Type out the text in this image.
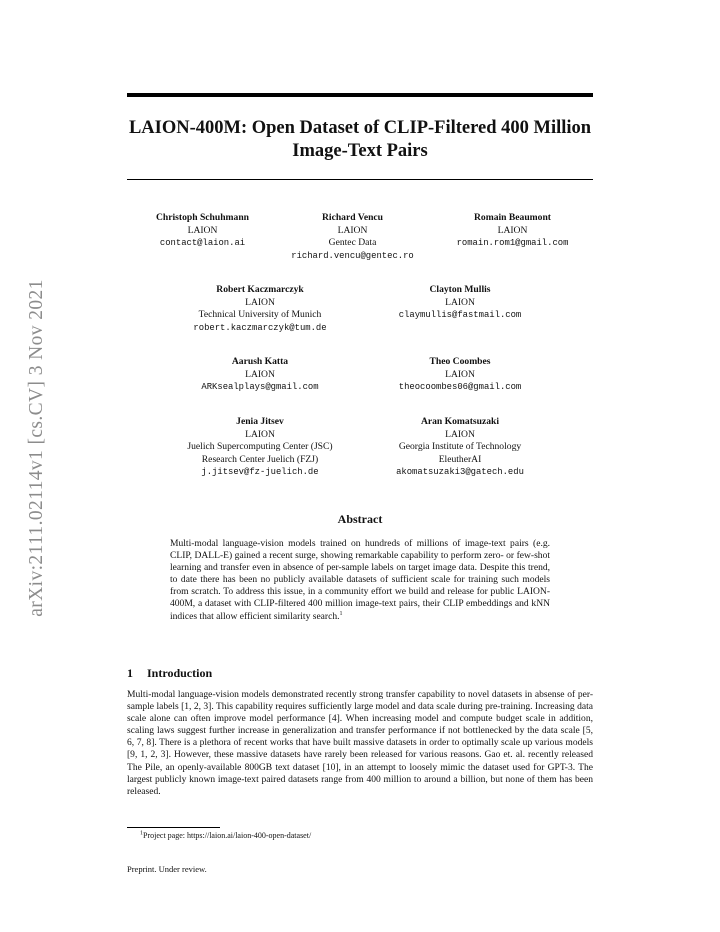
arXiv:2111.02114v1 [cs.CV] 3 Nov 2021
LAION-400M: Open Dataset of CLIP-Filtered 400 Million Image-Text Pairs
Christoph Schuhmann
LAION
contact@laion.ai
Richard Vencu
LAION
Gentec Data
richard.vencu@gentec.ro
Romain Beaumont
LAION
romain.rom1@gmail.com
Robert Kaczmarczyk
LAION
Technical University of Munich
robert.kaczmarczyk@tum.de
Clayton Mullis
LAION
claymullis@fastmail.com
Aarush Katta
LAION
ARKsealplays@gmail.com
Theo Coombes
LAION
theocoombes06@gmail.com
Jenia Jitsev
LAION
Juelich Supercomputing Center (JSC)
Research Center Juelich (FZJ)
j.jitsev@fz-juelich.de
Aran Komatsuzaki
LAION
Georgia Institute of Technology
EleutherAI
akomatsuzaki3@gatech.edu
Abstract

Multi-modal language-vision models trained on hundreds of millions of image-text pairs (e.g. CLIP, DALL-E) gained a recent surge, showing remarkable capability to perform zero- or few-shot learning and transfer even in absence of per-sample labels on target image data. Despite this trend, to date there has been no publicly available datasets of sufficient scale for training such models from scratch. To address this issue, in a community effort we build and release for public LAION-400M, a dataset with CLIP-filtered 400 million image-text pairs, their CLIP embeddings and kNN indices that allow efficient similarity search.$^1$

1 Introduction

Multi-modal language-vision models demonstrated recently strong transfer capability to novel datasets in absense of per-sample labels [1, 2, 3]. This capability requires sufficiently large model and data scale during pre-training. Increasing data scale alone can often improve model performance [4]. When increasing model and compute budget scale in addition, scaling laws suggest further increase in generalization and transfer performance if not bottlenecked by the data scale [5, 6, 7, 8]. There is a plethora of recent works that have built massive datasets in order to optimally scale up various models [9, 1, 2, 3]. However, these massive datasets have rarely been released for various reasons. Gao et. al. recently released The Pile, an openly-available 800GB text dataset [10], in an attempt to loosely mimic the dataset used for GPT-3. The largest publicly known image-text paired datasets range from 400 million to around a billion, but none of them has been released.

$^1$Project page: https://laion.ai/laion-400-open-dataset/

Preprint. Under review.
